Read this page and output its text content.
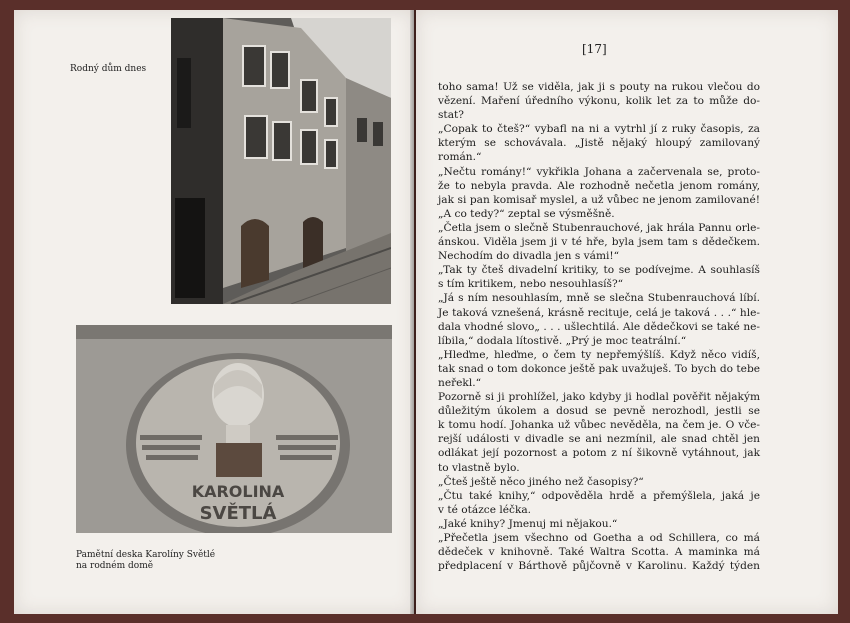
Rodný dům dnes
KAROLINA
SVĚTLÁ
Pamětní deska Karolíny Světlé na rodném domě
[17]
toho sama! Už se viděla, jak ji s pouty na rukou vlečou do
vězení. Maření úředního výkonu, kolik let za to může do-
stat?
„Copak to čteš?“ vybafl na ni a vytrhl jí z ruky časopis, za
kterým se schovávala. „Jistě nějaký hloupý zamilovaný
román.“
„Nečtu romány!“ vykřikla Johana a začervenala se, proto-
že to nebyla pravda. Ale rozhodně nečetla jenom romány,
jak si pan komisař myslel, a už vůbec ne jenom zamilované!
„A co tedy?“ zeptal se výsměšně.
„Četla jsem o slečně Stubenrauchové, jak hrála Pannu orle-
ánskou. Viděla jsem ji v té hře, byla jsem tam s dědečkem.
Nechodím do divadla jen s vámi!“
„Tak ty čteš divadelní kritiky, to se podívejme. A souhlasíš
s tím kritikem, nebo nesouhlasíš?“
„Já s ním nesouhlasím, mně se slečna Stubenrauchová líbí.
Je taková vznešená, krásně recituje, celá je taková . . .“ hle-
dala vhodné slovo„ . . . ušlechtilá. Ale dědečkovi se také ne-
líbila,“ dodala lítostivě. „Prý je moc teatrální.“
„Hleďme, hleďme, o čem ty nepřemýšlíš. Když něco vidíš,
tak snad o tom dokonce ještě pak uvažuješ. To bych do tebe
neřekl.“
Pozorně si ji prohlížel, jako kdyby ji hodlal pověřit nějakým
důležitým úkolem a dosud se pevně nerozhodl, jestli se
k tomu hodí. Johanka už vůbec nevěděla, na čem je. O vče-
rejší události v divadle se ani nezmínil, ale snad chtěl jen
odlákat její pozornost a potom z ní šikovně vytáhnout, jak
to vlastně bylo.
„Čteš ještě něco jiného než časopisy?“
„Čtu také knihy,“ odpověděla hrdě a přemýšlela, jaká je
v té otázce léčka.
„Jaké knihy? Jmenuj mi nějakou.“
„Přečetla jsem všechno od Goetha a od Schillera, co má
dědeček v knihovně. Také Waltra Scotta. A maminka má
předplacení v Bárthově půjčovně v Karolinu. Každý týden
